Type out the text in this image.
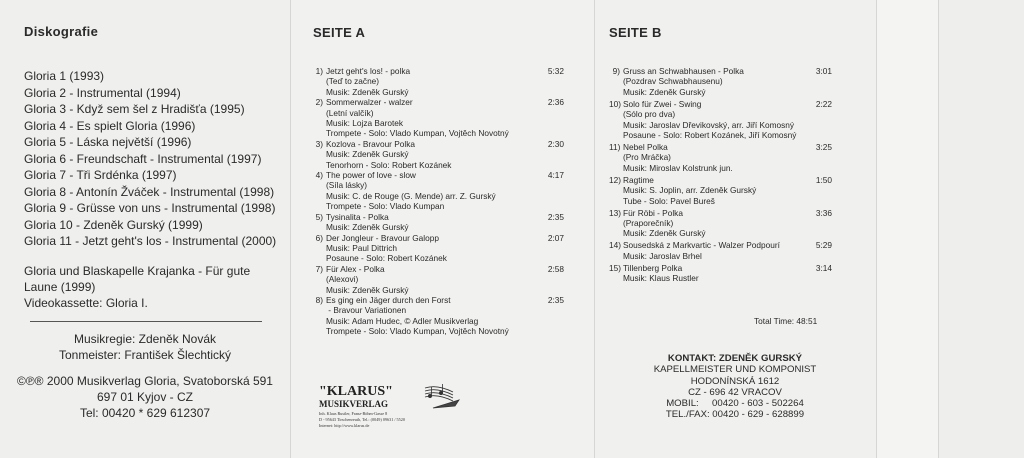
Diskografie
Gloria 1 (1993)
Gloria 2 - Instrumental (1994)
Gloria 3 - Když sem šel z Hradišťa (1995)
Gloria 4 - Es spielt Gloria (1996)
Gloria 5 - Láska největší (1996)
Gloria 6 - Freundschaft - Instrumental (1997)
Gloria 7 - Tři Srdénka (1997)
Gloria 8 - Antonín Žváček - Instrumental (1998)
Gloria 9 - Grüsse von uns - Instrumental (1998)
Gloria 10 - Zdeněk Gurský (1999)
Gloria 11 - Jetzt geht's los - Instrumental (2000)
Gloria und Blaskapelle Krajanka - Für gute
Laune (1999)
Videokassette: Gloria I.
Musikregie: Zdeněk Novák
Tonmeister: František Šlechtický
©℗® 2000 Musikverlag Gloria, Svatoborská 591
697 01 Kyjov - CZ
Tel: 00420 * 629 612307
SEITE A
1) Jetzt geht's los! - polka	5:32
(Teď to začne)
Musik: Zdeněk Gurský
2) Sommerwalzer - walzer	2:36
(Letní valčík)
Musik: Lojza Barotek
Trompete - Solo: Vlado Kumpan, Vojtěch Novotný
3) Kozlova - Bravour Polka	2:30
Musik: Zdeněk Gurský
Tenorhorn - Solo: Robert Kozánek
4) The power of love - slow	4:17
(Síla lásky)
Musik: C. de Rouge (G. Mende) arr. Z. Gurský
Trompete - Solo: Vlado Kumpan
5) Tysinalita - Polka	2:35
Musik: Zdeněk Gurský
6) Der Jongleur - Bravour Galopp	2:07
Musik: Paul Dittrich
Posaune - Solo: Robert Kozánek
7) Für Alex - Polka	2:58
(Alexovi)
Musik: Zdeněk Gurský
8) Es ging ein Jäger durch den Forst	2:35
- Bravour Variationen
Musik: Adam Hudec, © Adler Musikverlag
Trompete - Solo: Vlado Kumpan, Vojtěch Novotný
"KLARUS"
MUSIKVERLAG
Inh. Klaus Rustler, Franz-Böhm-Gasse 8
D - 95643 Tirschenreuth, Tel.: (0049) 09631 / 5520
Internet: http://www.klarus.de
SEITE B
9) Gruss an Schwabhausen - Polka	3:01
(Pozdrav Schwabhausenu)
Musik: Zdeněk Gurský
10) Solo für Zwei - Swing	2:22
(Sólo pro dva)
Musik: Jaroslav Dřevikovský, arr. Jiří Komosný
Posaune - Solo: Robert Kozánek, Jiří Komosný
11) Nebel Polka	3:25
(Pro Mráčka)
Musik: Miroslav Kolstrunk jun.
12) Ragtime	1:50
Musik: S. Joplin, arr. Zdeněk Gurský
Tube - Solo: Pavel Bureš
13) Für Röbi - Polka	3:36
(Praporečník)
Musik: Zdeněk Gurský
14) Sousedská z Markvartic - Walzer Podpourí	5:29
Musik: Jaroslav Brhel
15) Tillenberg Polka	3:14
Musik: Klaus Rustler
Total Time: 48:51
KONTAKT: ZDENĚK GURSKÝ
KAPELLMEISTER UND KOMPONIST
HODONÍNSKÁ 1612
CZ - 696 42 VRACOV
MOBIL:     00420 - 603 - 502264
TEL./FAX: 00420 - 629 - 628899
